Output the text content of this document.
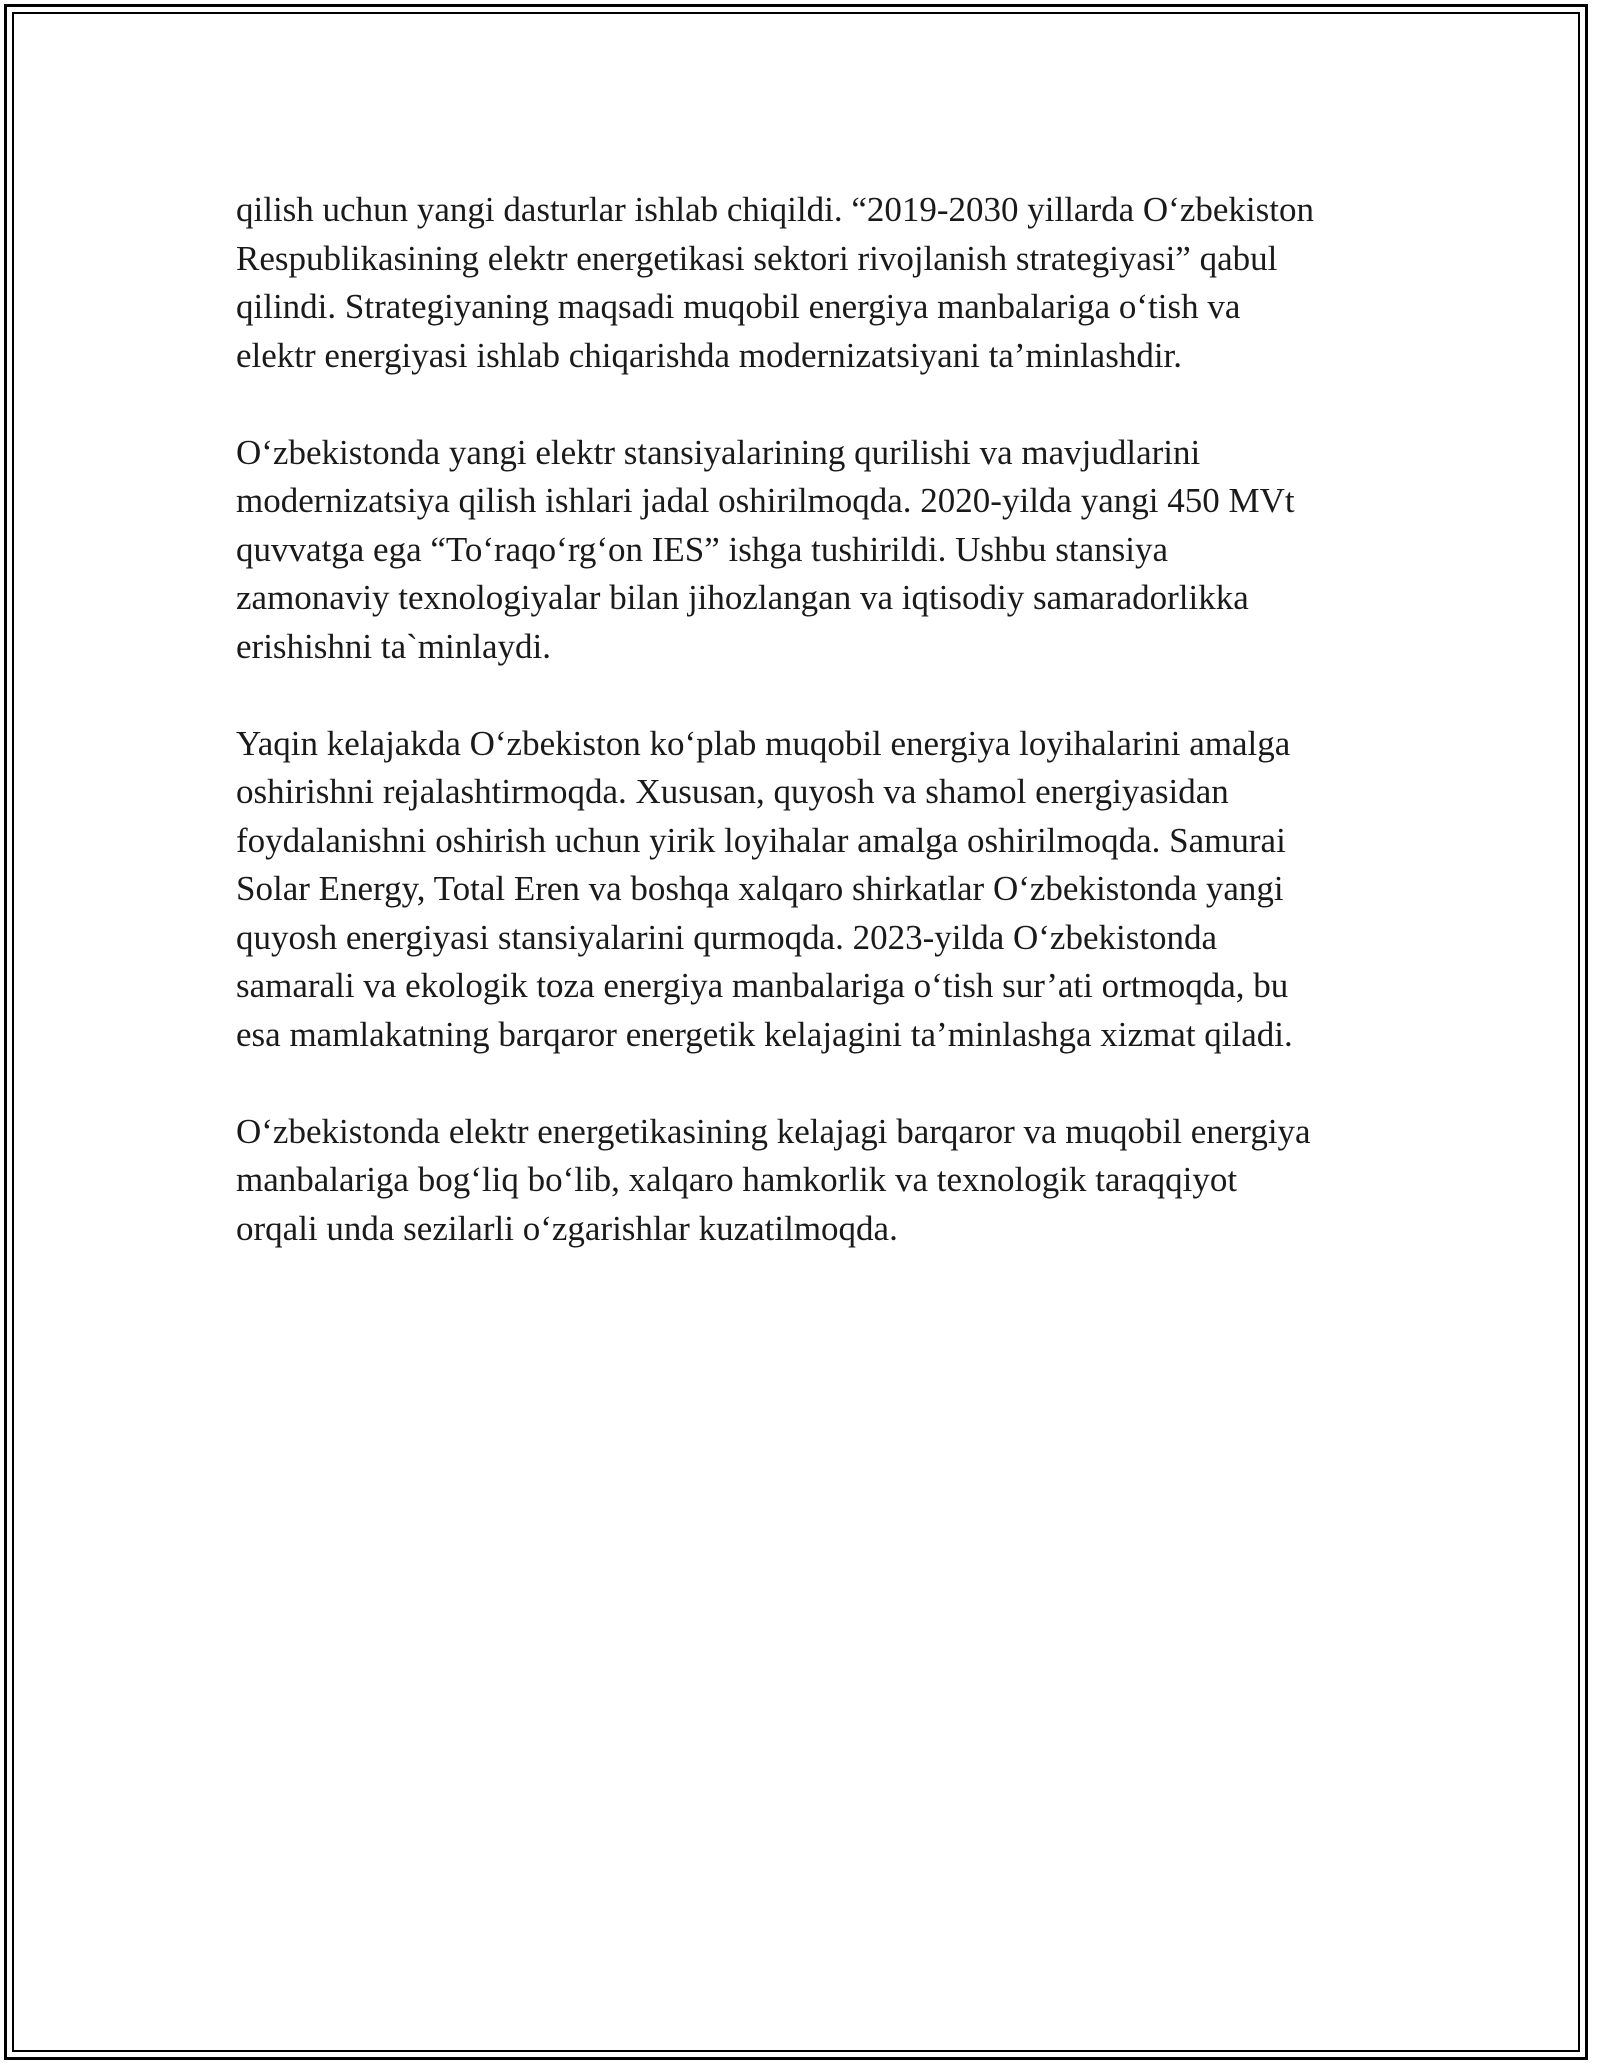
qilish uchun yangi dasturlar ishlab chiqildi. “2019-2030 yillarda O‘zbekiston
Respublikasining elektr energetikasi sektori rivojlanish strategiyasi” qabul
qilindi. Strategiyaning maqsadi muqobil energiya manbalariga o‘tish va
elektr energiyasi ishlab chiqarishda modernizatsiyani ta’minlashdir.

O‘zbekistonda yangi elektr stansiyalarining qurilishi va mavjudlarini
modernizatsiya qilish ishlari jadal oshirilmoqda. 2020-yilda yangi 450 MVt
quvvatga ega “To‘raqo‘rg‘on IES” ishga tushirildi. Ushbu stansiya
zamonaviy texnologiyalar bilan jihozlangan va iqtisodiy samaradorlikka
erishishni ta`minlaydi.

Yaqin kelajakda O‘zbekiston ko‘plab muqobil energiya loyihalarini amalga
oshirishni rejalashtirmoqda. Xususan, quyosh va shamol energiyasidan
foydalanishni oshirish uchun yirik loyihalar amalga oshirilmoqda. Samurai
Solar Energy, Total Eren va boshqa xalqaro shirkatlar O‘zbekistonda yangi
quyosh energiyasi stansiyalarini qurmoqda. 2023-yilda O‘zbekistonda
samarali va ekologik toza energiya manbalariga o‘tish sur’ati ortmoqda, bu
esa mamlakatning barqaror energetik kelajagini ta’minlashga xizmat qiladi.

O‘zbekistonda elektr energetikasining kelajagi barqaror va muqobil energiya
manbalariga bog‘liq bo‘lib, xalqaro hamkorlik va texnologik taraqqiyot
orqali unda sezilarli o‘zgarishlar kuzatilmoqda.
